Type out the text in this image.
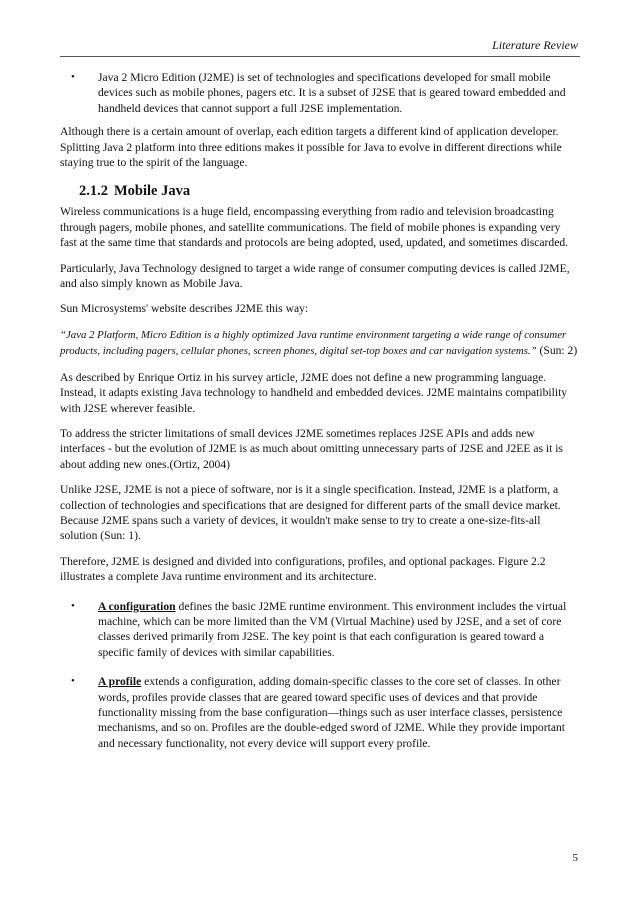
Literature Review
• Java 2 Micro Edition (J2ME) is set of technologies and specifications developed for small mobile devices such as mobile phones, pagers etc. It is a subset of J2SE that is geared toward embedded and handheld devices that cannot support a full J2SE implementation.

Although there is a certain amount of overlap, each edition targets a different kind of application developer. Splitting Java 2 platform into three editions makes it possible for Java to evolve in different directions while staying true to the spirit of the language.

2.1.2 Mobile Java

Wireless communications is a huge field, encompassing everything from radio and television broadcasting through pagers, mobile phones, and satellite communications. The field of mobile phones is expanding very fast at the same time that standards and protocols are being adopted, used, updated, and sometimes discarded.

Particularly, Java Technology designed to target a wide range of consumer computing devices is called J2ME, and also simply known as Mobile Java.

Sun Microsystems' website describes J2ME this way:

“Java 2 Platform, Micro Edition is a highly optimized Java runtime environment targeting a wide range of consumer products, including pagers, cellular phones, screen phones, digital set-top boxes and car navigation systems.” (Sun: 2)

As described by Enrique Ortiz in his survey article, J2ME does not define a new programming language. Instead, it adapts existing Java technology to handheld and embedded devices. J2ME maintains compatibility with J2SE wherever feasible.

To address the stricter limitations of small devices J2ME sometimes replaces J2SE APIs and adds new interfaces - but the evolution of J2ME is as much about omitting unnecessary parts of J2SE and J2EE as it is about adding new ones.(Ortiz, 2004)

Unlike J2SE, J2ME is not a piece of software, nor is it a single specification. Instead, J2ME is a platform, a collection of technologies and specifications that are designed for different parts of the small device market. Because J2ME spans such a variety of devices, it wouldn't make sense to try to create a one-size-fits-all solution (Sun: 1).

Therefore, J2ME is designed and divided into configurations, profiles, and optional packages. Figure 2.2 illustrates a complete Java runtime environment and its architecture.

• A configuration defines the basic J2ME runtime environment. This environment includes the virtual machine, which can be more limited than the VM (Virtual Machine) used by J2SE, and a set of core classes derived primarily from J2SE. The key point is that each configuration is geared toward a specific family of devices with similar capabilities.
• A profile extends a configuration, adding domain-specific classes to the core set of classes. In other words, profiles provide classes that are geared toward specific uses of devices and that provide functionality missing from the base configuration—things such as user interface classes, persistence mechanisms, and so on. Profiles are the double-edged sword of J2ME. While they provide important and necessary functionality, not every device will support every profile.
5
